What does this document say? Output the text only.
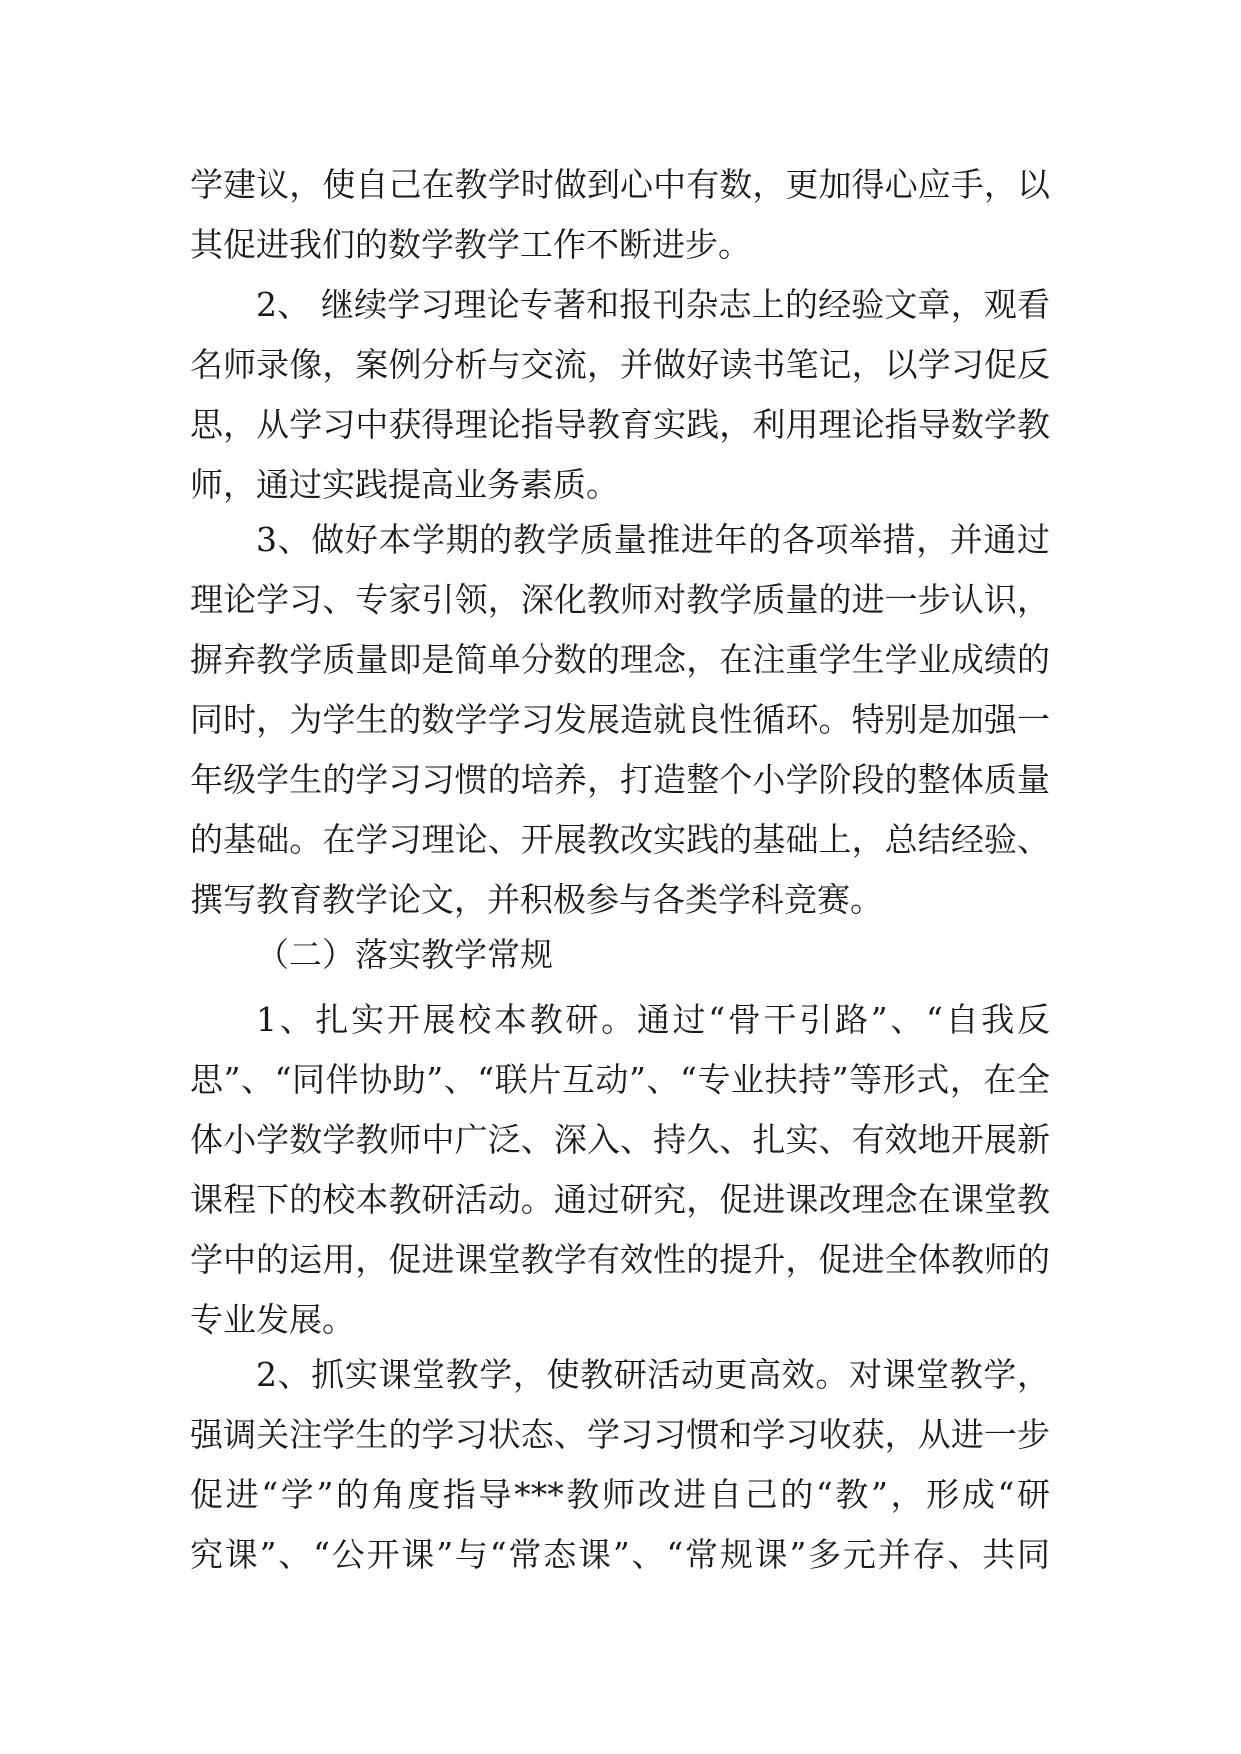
学建议，使自己在教学时做到心中有数，更加得心应手，以
其促进我们的数学教学工作不断进步。
2、 继续学习理论专著和报刊杂志上的经验文章，观看
名师录像，案例分析与交流，并做好读书笔记，以学习促反
思，从学习中获得理论指导教育实践，利用理论指导数学教
师，通过实践提高业务素质。
3、做好本学期的教学质量推进年的各项举措，并通过
理论学习、专家引领，深化教师对教学质量的进一步认识，
摒弃教学质量即是简单分数的理念，在注重学生学业成绩的
同时，为学生的数学学习发展造就良性循环。特别是加强一
年级学生的学习习惯的培养，打造整个小学阶段的整体质量
的基础。在学习理论、开展教改实践的基础上，总结经验、
撰写教育教学论文，并积极参与各类学科竞赛。
（二）落实教学常规
1、扎实开展校本教研。通过“骨干引路”、“自我反
思”、“同伴协助”、“联片互动”、“专业扶持”等形式，在全
体小学数学教师中广泛、深入、持久、扎实、有效地开展新
课程下的校本教研活动。通过研究，促进课改理念在课堂教
学中的运用，促进课堂教学有效性的提升，促进全体教师的
专业发展。
2、抓实课堂教学，使教研活动更高效。对课堂教学，
强调关注学生的学习状态、学习习惯和学习收获，从进一步
促进“学”的角度指导***教师改进自己的“教”，形成“研
究课”、“公开课”与“常态课”、“常规课”多元并存、共同
